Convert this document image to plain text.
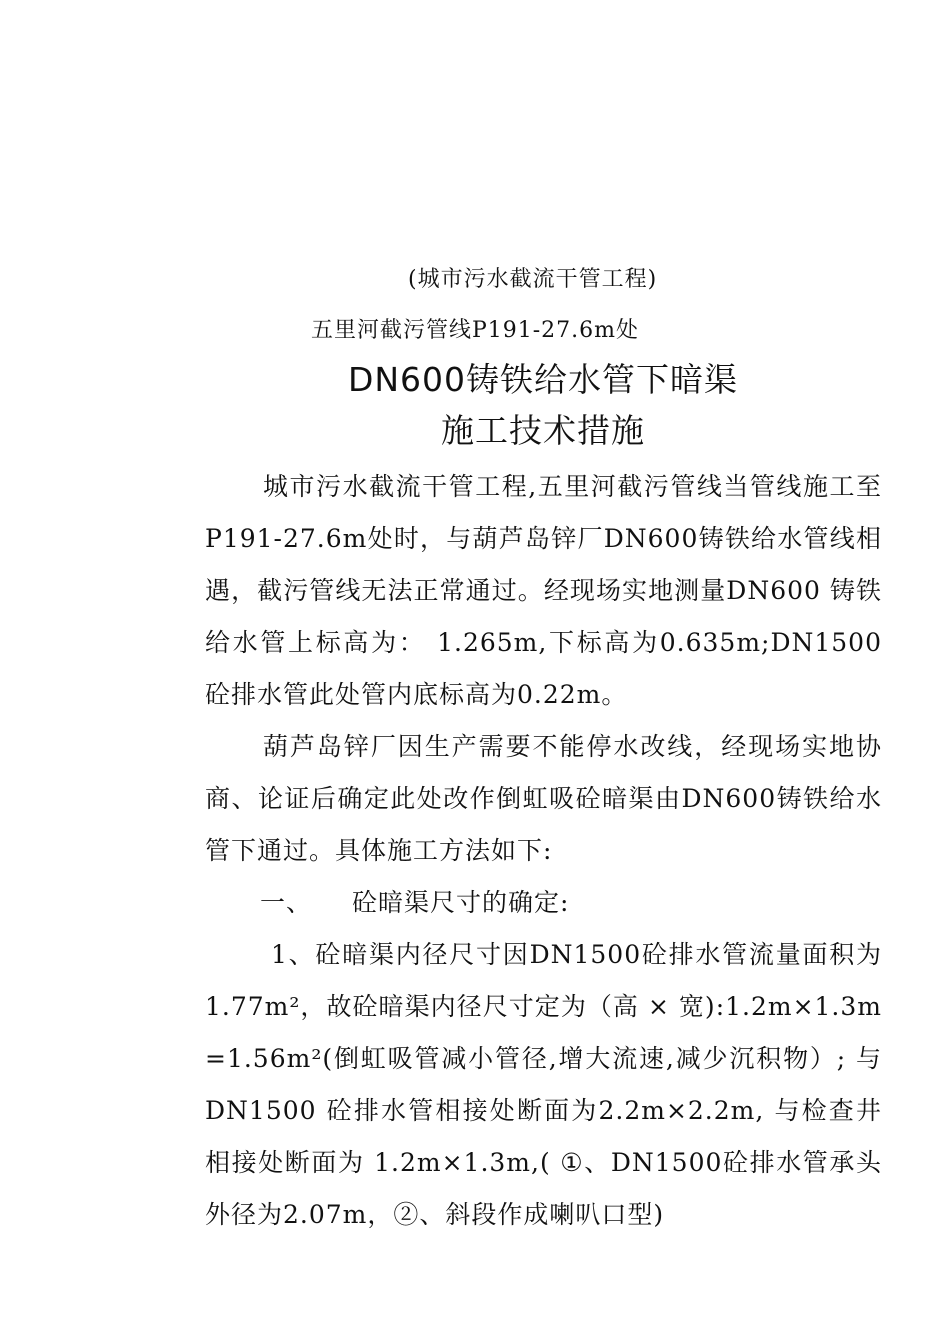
(城市污水截流干管工程)
五里河截污管线P191-27.6m处
DN600铸铁给水管下暗渠
施工技术措施

城市污水截流干管工程,五里河截污管线当管线施工至P191-27.6m处时，与葫芦岛锌厂DN600铸铁给水管线相遇，截污管线无法正常通过。经现场实地测量DN600 铸铁给水管上标高为： 1.265m,下标高为0.635m;DN1500砼排水管此处管内底标高为0.22m。

葫芦岛锌厂因生产需要不能停水改线，经现场实地协商、论证后确定此处改作倒虹吸砼暗渠由DN600铸铁给水管下通过。具体施工方法如下:

一、 砼暗渠尺寸的确定:

1、砼暗渠内径尺寸因DN1500砼排水管流量面积为 1.77m²，故砼暗渠内径尺寸定为（高 × 宽):1.2m×1.3m=1.56m²(倒虹吸管减小管径,增大流速,减少沉积物）; 与 DN1500 砼排水管相接处断面为2.2m×2.2m, 与检查井相接处断面为 1.2m×1.3m,( ①、DN1500砼排水管承头外径为2.07m，②、斜段作成喇叭口型)
